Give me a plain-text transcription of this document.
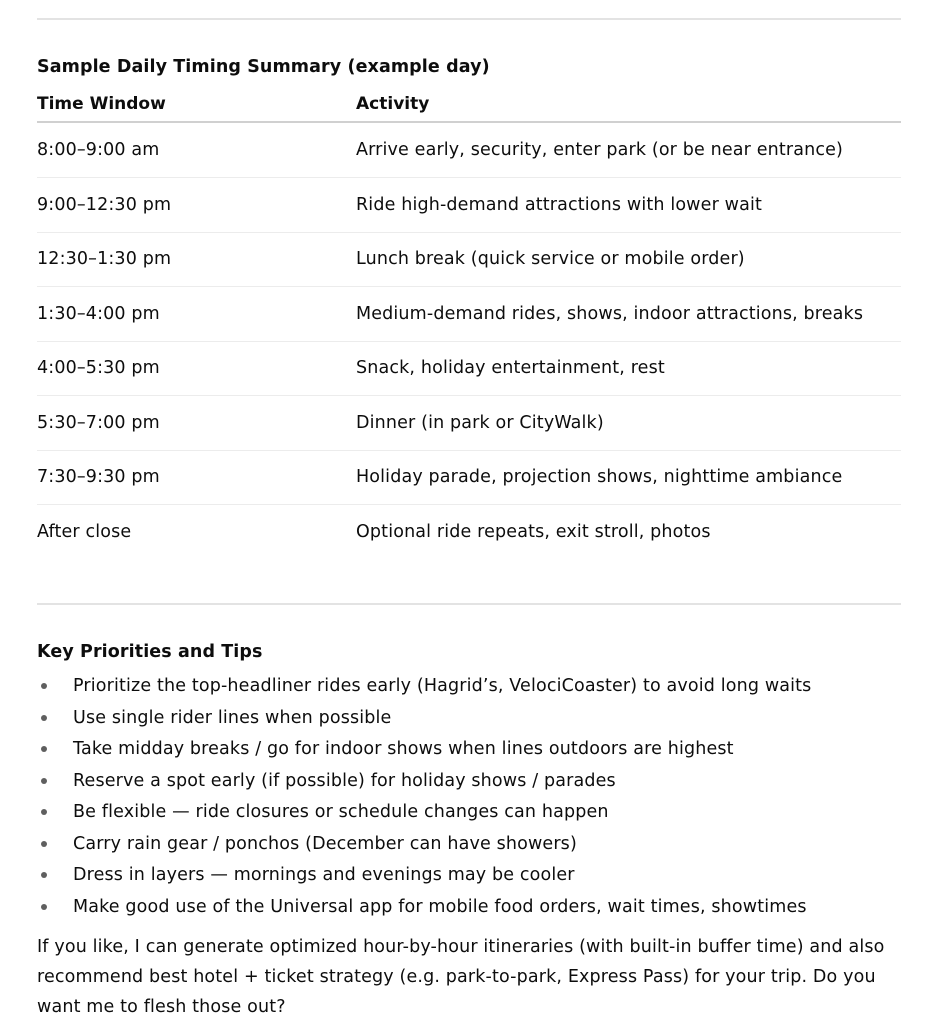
Sample Daily Timing Summary (example day)
Time Window	Activity
8:00–9:00 am	Arrive early, security, enter park (or be near entrance)
9:00–12:30 pm	Ride high-demand attractions with lower wait
12:30–1:30 pm	Lunch break (quick service or mobile order)
1:30–4:00 pm	Medium-demand rides, shows, indoor attractions, breaks
4:00–5:30 pm	Snack, holiday entertainment, rest
5:30–7:00 pm	Dinner (in park or CityWalk)
7:30–9:30 pm	Holiday parade, projection shows, nighttime ambiance
After close	Optional ride repeats, exit stroll, photos
Key Priorities and Tips
Prioritize the top-headliner rides early (Hagrid’s, VelociCoaster) to avoid long waits
Use single rider lines when possible
Take midday breaks / go for indoor shows when lines outdoors are highest
Reserve a spot early (if possible) for holiday shows / parades
Be flexible — ride closures or schedule changes can happen
Carry rain gear / ponchos (December can have showers)
Dress in layers — mornings and evenings may be cooler
Make good use of the Universal app for mobile food orders, wait times, showtimes

If you like, I can generate optimized hour-by-hour itineraries (with built-in buffer time) and also
recommend best hotel + ticket strategy (e.g. park-to-park, Express Pass) for your trip. Do you
want me to flesh those out?
